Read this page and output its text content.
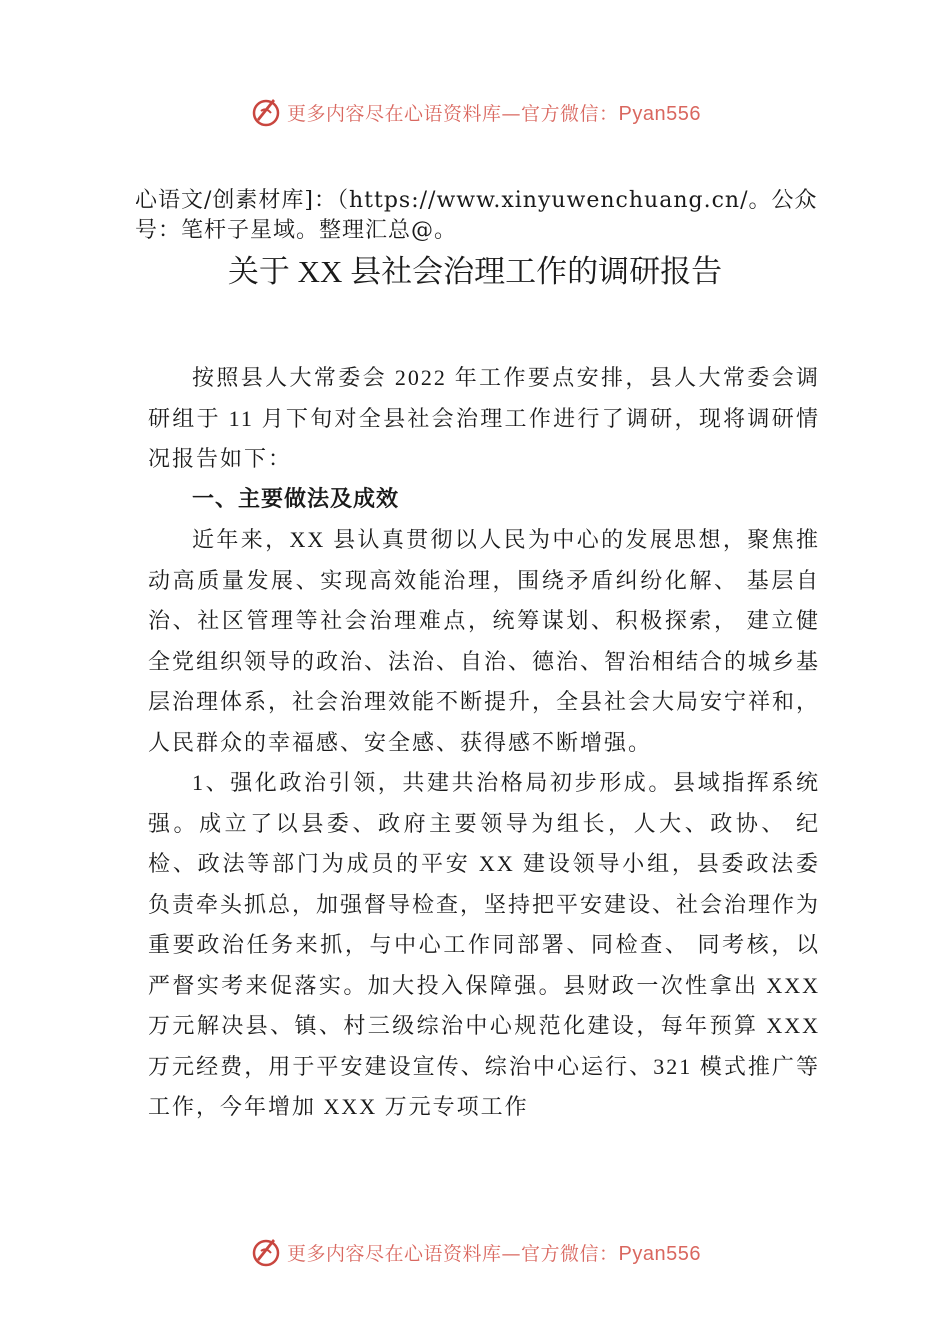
更多内容尽在心语资料库—官方微信：Pyan556
心语文/创素材库]：（https://www.xinyuwenchuang.cn/。公众号：笔杆子星域。整理汇总@。
关于 XX 县社会治理工作的调研报告

按照县人大常委会 2022 年工作要点安排，县人大常委会调研组于 11 月下旬对全县社会治理工作进行了调研，现将调研情况报告如下：

一、主要做法及成效

近年来，XX 县认真贯彻以人民为中心的发展思想，聚焦推动高质量发展、实现高效能治理，围绕矛盾纠纷化解、 基层自治、社区管理等社会治理难点，统筹谋划、积极探索， 建立健全党组织领导的政治、法治、自治、德治、智治相结合的城乡基层治理体系，社会治理效能不断提升，全县社会大局安宁祥和，人民群众的幸福感、安全感、获得感不断增强。

1、强化政治引领，共建共治格局初步形成。县域指挥系统强。成立了以县委、政府主要领导为组长，人大、政协、 纪检、政法等部门为成员的平安 XX 建设领导小组，县委政法委负责牵头抓总，加强督导检查，坚持把平安建设、社会治理作为重要政治任务来抓，与中心工作同部署、同检查、 同考核，以严督实考来促落实。加大投入保障强。县财政一次性拿出 XXX 万元解决县、镇、村三级综治中心规范化建设，每年预算 XXX 万元经费，用于平安建设宣传、综治中心运行、321 模式推广等工作，今年增加 XXX 万元专项工作

更多内容尽在心语资料库—官方微信：Pyan556
